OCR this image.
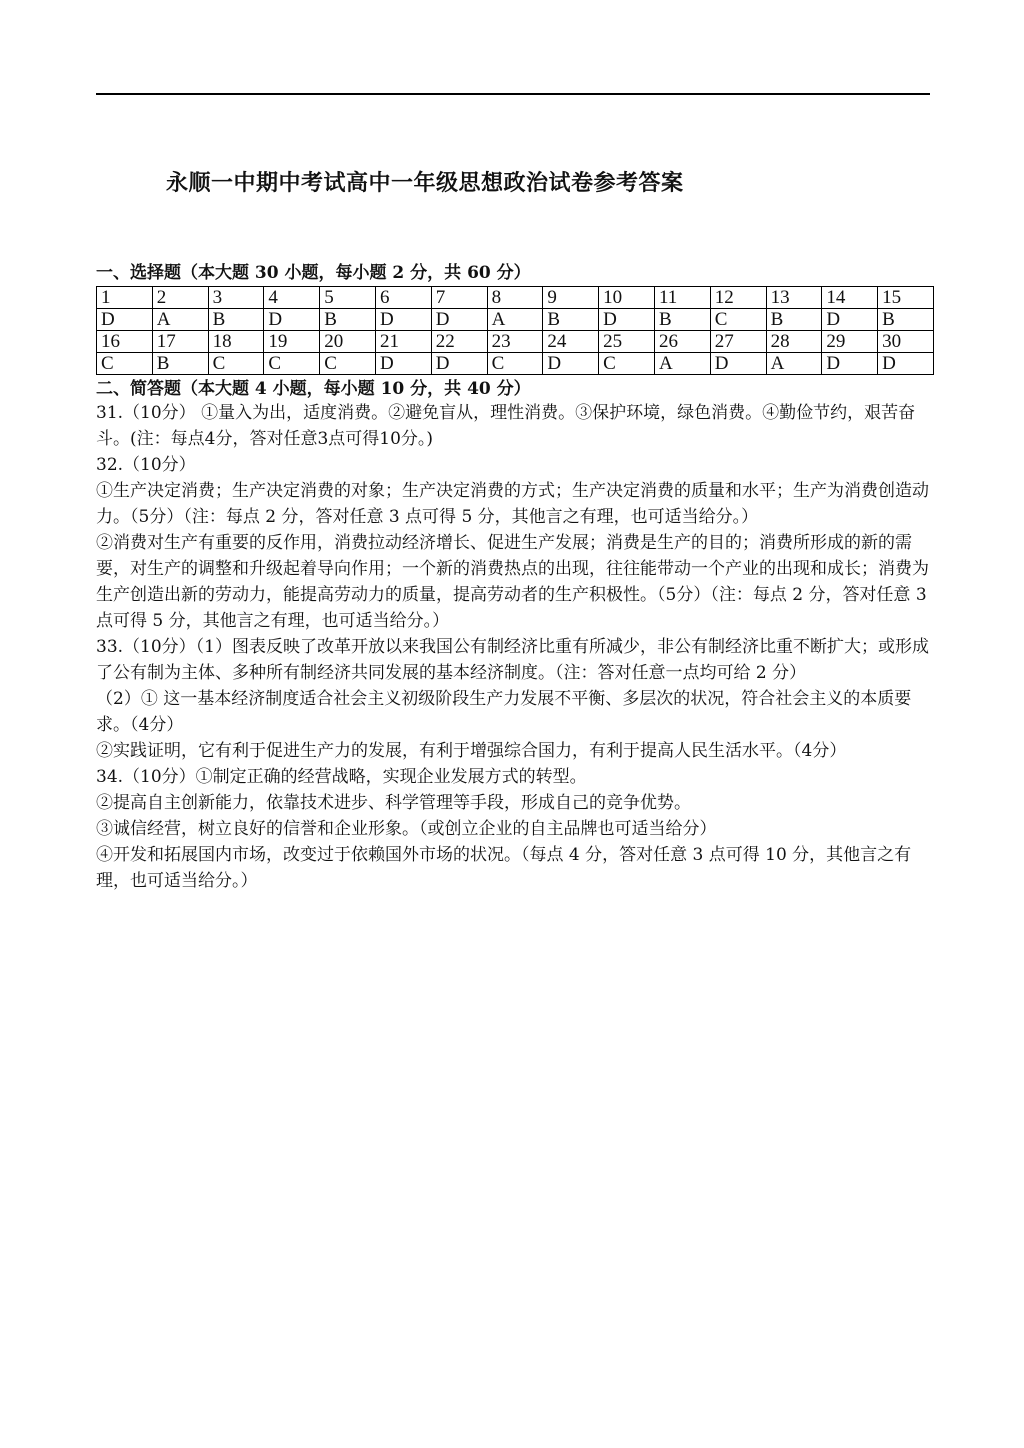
永顺一中期中考试高中一年级思想政治试卷参考答案

一、选择题（本大题 30 小题，每小题 2 分，共 60 分）

1	2	3	4	5	6	7	8	9	10	11	12	13	14	15
D	A	B	D	B	D	D	A	B	D	B	C	B	D	B
16	17	18	19	20	21	22	23	24	25	26	27	28	29	30
C	B	C	C	C	D	D	C	D	C	A	D	A	D	D

二、简答题（本大题 4 小题，每小题 10 分，共 40 分）

31.（10分） ①量入为出，适度消费。②避免盲从，理性消费。③保护环境，绿色消费。④勤俭节约，艰苦奋斗。(注：每点4分，答对任意3点可得10分。)

32.（10分）

①生产决定消费；生产决定消费的对象；生产决定消费的方式；生产决定消费的质量和水平；生产为消费创造动力。（5分）（注：每点 2 分，答对任意 3 点可得 5 分，其他言之有理，也可适当给分。）

②消费对生产有重要的反作用，消费拉动经济增长、促进生产发展；消费是生产的目的；消费所形成的新的需要，对生产的调整和升级起着导向作用；一个新的消费热点的出现，往往能带动一个产业的出现和成长；消费为生产创造出新的劳动力，能提高劳动力的质量，提高劳动者的生产积极性。（5分）（注：每点 2 分，答对任意 3 点可得 5 分，其他言之有理，也可适当给分。）

33.（10分）（1）图表反映了改革开放以来我国公有制经济比重有所减少，非公有制经济比重不断扩大；或形成了公有制为主体、多种所有制经济共同发展的基本经济制度。（注：答对任意一点均可给 2 分）

（2）① 这一基本经济制度适合社会主义初级阶段生产力发展不平衡、多层次的状况，符合社会主义的本质要求。（4分）

②实践证明，它有利于促进生产力的发展，有利于增强综合国力，有利于提高人民生活水平。（4分）

34.（10分）①制定正确的经营战略，实现企业发展方式的转型。

②提高自主创新能力，依靠技术进步、科学管理等手段，形成自己的竞争优势。

③诚信经营，树立良好的信誉和企业形象。（或创立企业的自主品牌也可适当给分）

④开发和拓展国内市场，改变过于依赖国外市场的状况。（每点 4 分，答对任意 3 点可得 10 分，其他言之有理，也可适当给分。）
